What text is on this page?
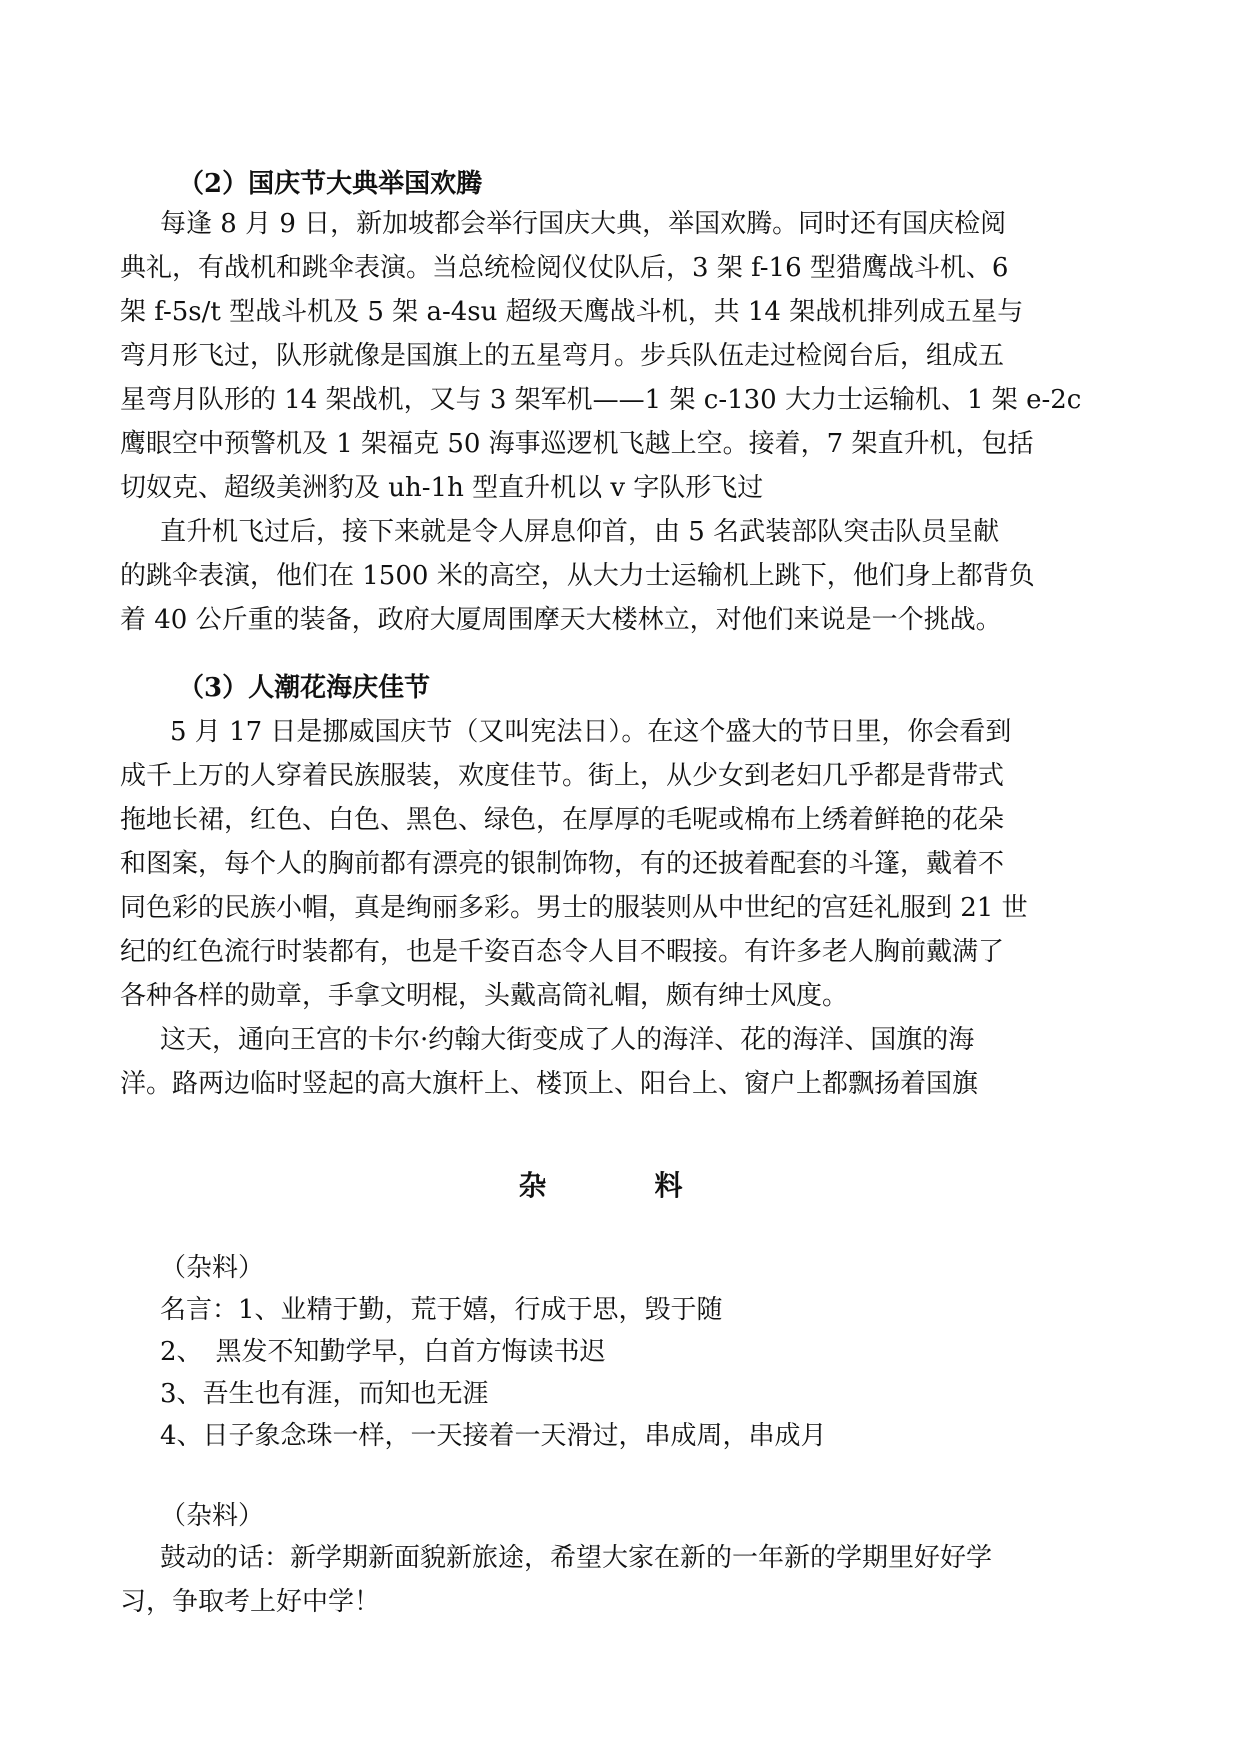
（2）国庆节大典举国欢腾
每逢 8 月 9 日，新加坡都会举行国庆大典，举国欢腾。同时还有国庆检阅
典礼，有战机和跳伞表演。当总统检阅仪仗队后，3 架 f-16 型猎鹰战斗机、6
架 f-5s/t 型战斗机及 5 架 a-4su 超级天鹰战斗机，共 14 架战机排列成五星与
弯月形飞过，队形就像是国旗上的五星弯月。步兵队伍走过检阅台后，组成五
星弯月队形的 14 架战机，又与 3 架军机——1 架 c-130 大力士运输机、1 架 e-2c
鹰眼空中预警机及 1 架福克 50 海事巡逻机飞越上空。接着，7 架直升机，包括
切奴克、超级美洲豹及 uh-1h 型直升机以 v 字队形飞过
直升机飞过后，接下来就是令人屏息仰首，由 5 名武装部队突击队员呈献
的跳伞表演，他们在 1500 米的高空，从大力士运输机上跳下，他们身上都背负
着 40 公斤重的装备，政府大厦周围摩天大楼林立，对他们来说是一个挑战。
（3）人潮花海庆佳节
5 月 17 日是挪威国庆节（又叫宪法日）。在这个盛大的节日里，你会看到
成千上万的人穿着民族服装，欢度佳节。街上，从少女到老妇几乎都是背带式
拖地长裙，红色、白色、黑色、绿色，在厚厚的毛呢或棉布上绣着鲜艳的花朵
和图案，每个人的胸前都有漂亮的银制饰物，有的还披着配套的斗篷，戴着不
同色彩的民族小帽，真是绚丽多彩。男士的服装则从中世纪的宫廷礼服到 21 世
纪的红色流行时装都有，也是千姿百态令人目不暇接。有许多老人胸前戴满了
各种各样的勋章，手拿文明棍，头戴高筒礼帽，颇有绅士风度。
这天，通向王宫的卡尔·约翰大街变成了人的海洋、花的海洋、国旗的海
洋。路两边临时竖起的高大旗杆上、楼顶上、阳台上、窗户上都飘扬着国旗
杂　料
（杂料）
名言：1、业精于勤，荒于嬉，行成于思，毁于随
2、　黑发不知勤学早，白首方悔读书迟
3、吾生也有涯，而知也无涯
4、日子象念珠一样，一天接着一天滑过，串成周，串成月
（杂料）
鼓动的话：新学期新面貌新旅途，希望大家在新的一年新的学期里好好学
习，争取考上好中学！
